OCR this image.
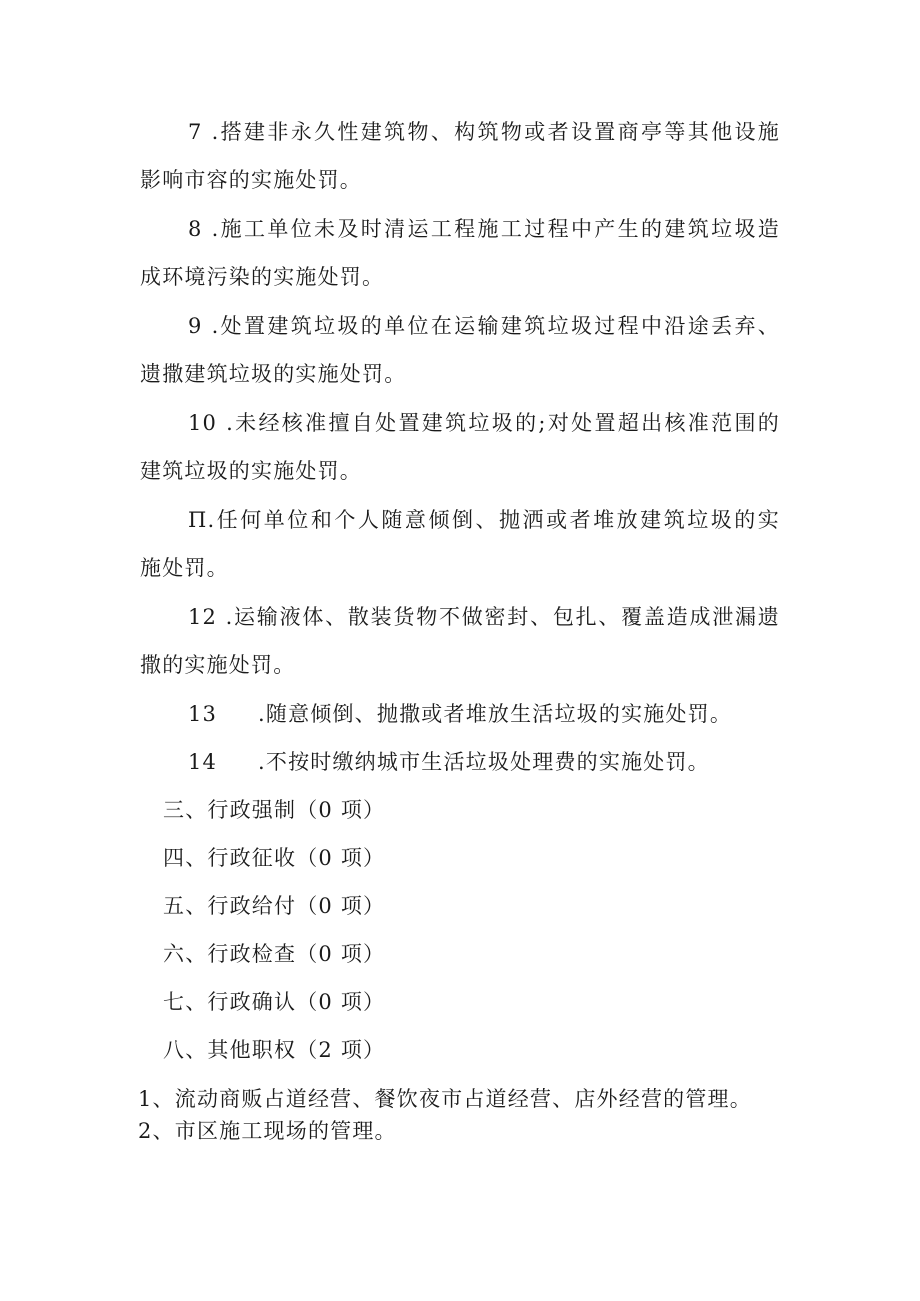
7 .搭建非永久性建筑物、构筑物或者设置商亭等其他设施
影响市容的实施处罚。
8 .施工单位未及时清运工程施工过程中产生的建筑垃圾造
成环境污染的实施处罚。
9 .处置建筑垃圾的单位在运输建筑垃圾过程中沿途丢弃、
遗撒建筑垃圾的实施处罚。
10 .未经核准擅自处置建筑垃圾的;对处置超出核准范围的
建筑垃圾的实施处罚。
Π.任何单位和个人随意倾倒、抛洒或者堆放建筑垃圾的实
施处罚。
12 .运输液体、散装货物不做密封、包扎、覆盖造成泄漏遗
撒的实施处罚。
13 .随意倾倒、抛撒或者堆放生活垃圾的实施处罚。
14 .不按时缴纳城市生活垃圾处理费的实施处罚。
三、行政强制（0 项）
四、行政征收（0 项）
五、行政给付（0 项）
六、行政检查（0 项）
七、行政确认（0 项）
八、其他职权（2 项）
1、流动商贩占道经营、餐饮夜市占道经营、店外经营的管理。
2、市区施工现场的管理。
